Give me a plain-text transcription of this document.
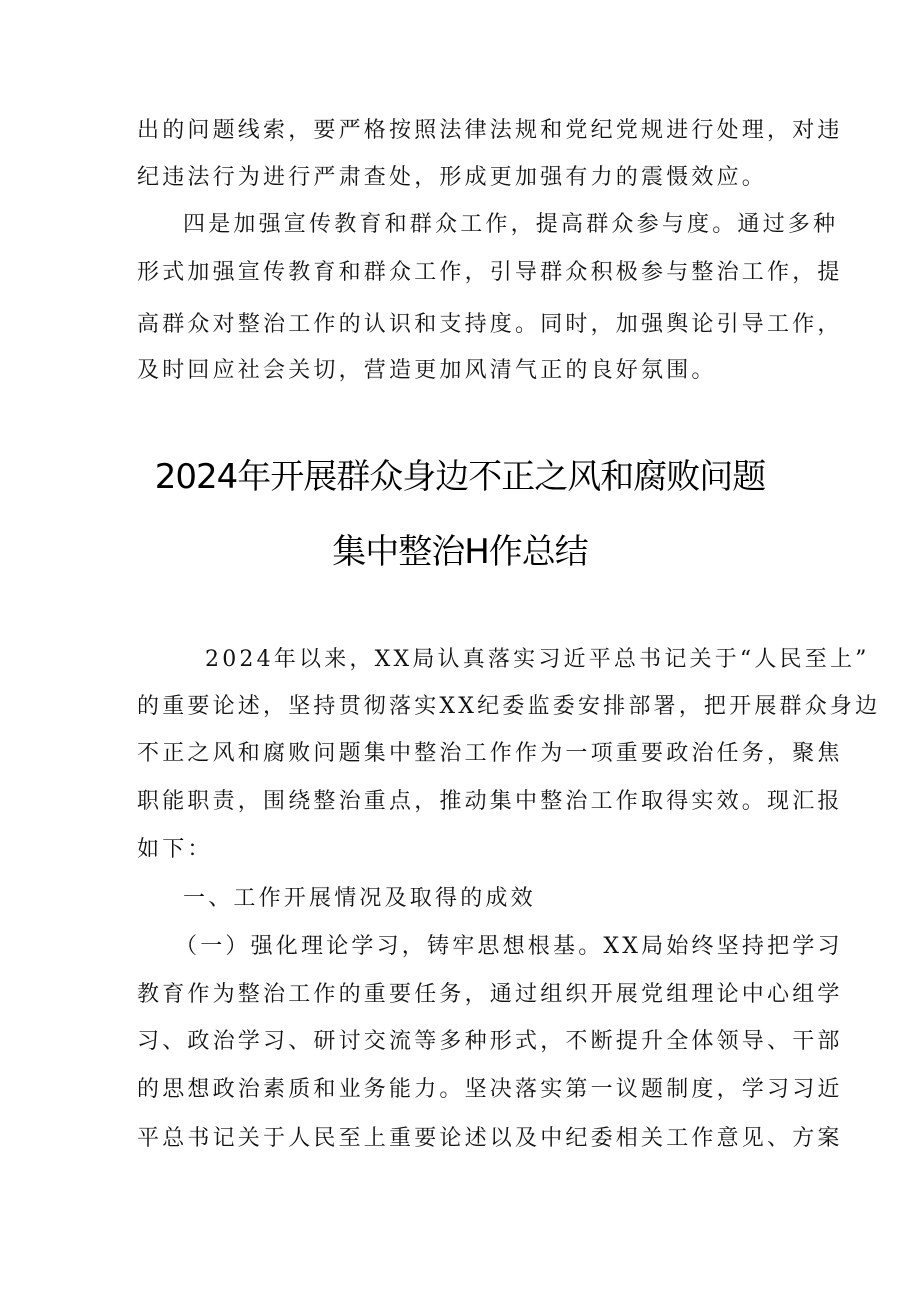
出的问题线索，要严格按照法律法规和党纪党规进行处理，对违
纪违法行为进行严肃查处，形成更加强有力的震慑效应。
四是加强宣传教育和群众工作，提高群众参与度。通过多种
形式加强宣传教育和群众工作，引导群众积极参与整治工作，提
高群众对整治工作的认识和支持度。同时，加强舆论引导工作，
及时回应社会关切，营造更加风清气正的良好氛围。
2024年开展群众身边不正之风和腐败问题
集中整治H作总结
2024年以来，XX局认真落实习近平总书记关于“人民至上”
的重要论述，坚持贯彻落实XX纪委监委安排部署，把开展群众身边
不正之风和腐败问题集中整治工作作为一项重要政治任务，聚焦
职能职责，围绕整治重点，推动集中整治工作取得实效。现汇报
如下：
一、工作开展情况及取得的成效
（一）强化理论学习，铸牢思想根基。XX局始终坚持把学习
教育作为整治工作的重要任务，通过组织开展党组理论中心组学
习、政治学习、研讨交流等多种形式，不断提升全体领导、干部
的思想政治素质和业务能力。坚决落实第一议题制度，学习习近
平总书记关于人民至上重要论述以及中纪委相关工作意见、方案
